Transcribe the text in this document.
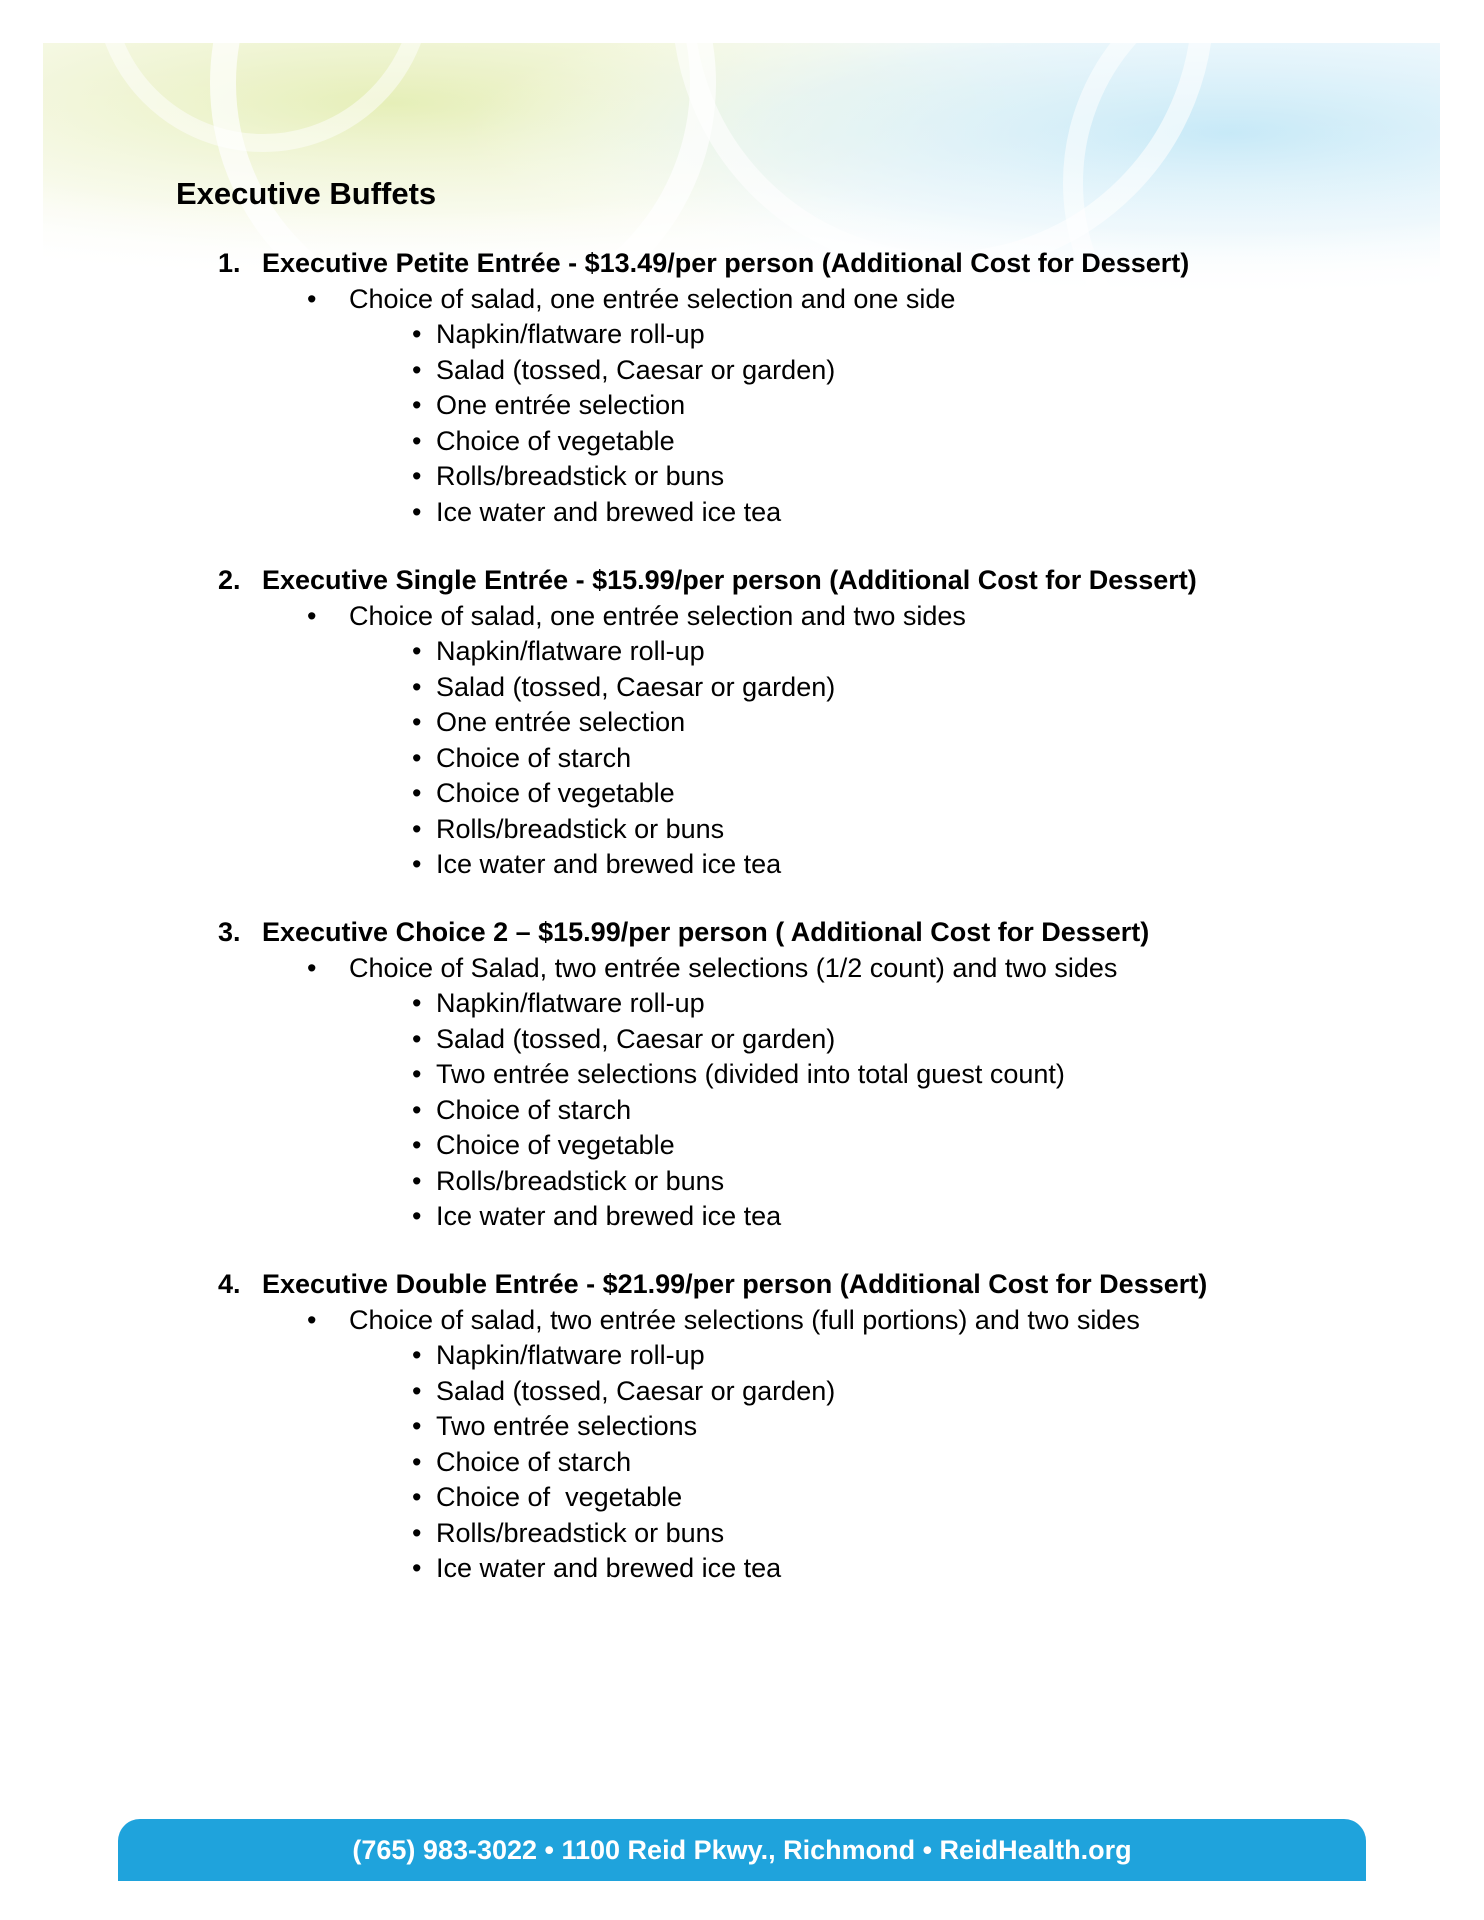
Executive Buffets
1. Executive Petite Entrée - $13.49/per person (Additional Cost for Dessert)
• Choice of salad, one entrée selection and one side
• Napkin/flatware roll-up
• Salad (tossed, Caesar or garden)
• One entrée selection
• Choice of vegetable
• Rolls/breadstick or buns
• Ice water and brewed ice tea
2. Executive Single Entrée - $15.99/per person (Additional Cost for Dessert)
• Choice of salad, one entrée selection and two sides
• Napkin/flatware roll-up
• Salad (tossed, Caesar or garden)
• One entrée selection
• Choice of starch
• Choice of vegetable
• Rolls/breadstick or buns
• Ice water and brewed ice tea
3. Executive Choice 2 – $15.99/per person ( Additional Cost for Dessert)
• Choice of Salad, two entrée selections (1/2 count) and two sides
• Napkin/flatware roll-up
• Salad (tossed, Caesar or garden)
• Two entrée selections (divided into total guest count)
• Choice of starch
• Choice of vegetable
• Rolls/breadstick or buns
• Ice water and brewed ice tea
4. Executive Double Entrée - $21.99/per person (Additional Cost for Dessert)
• Choice of salad, two entrée selections (full portions) and two sides
• Napkin/flatware roll-up
• Salad (tossed, Caesar or garden)
• Two entrée selections
• Choice of starch
• Choice of  vegetable
• Rolls/breadstick or buns
• Ice water and brewed ice tea
(765) 983-3022 • 1100 Reid Pkwy., Richmond • ReidHealth.org
